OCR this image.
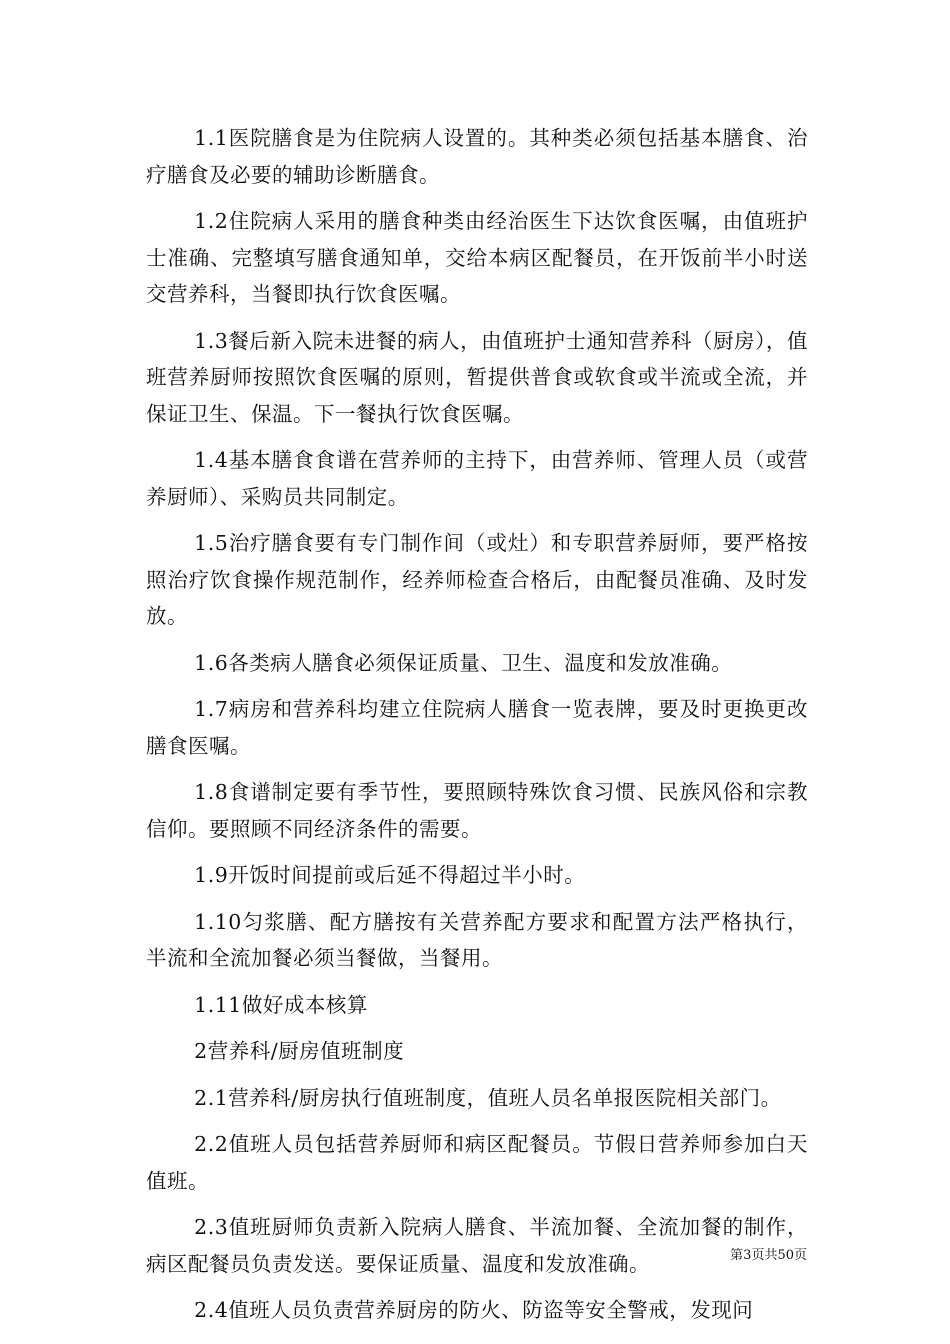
1.1医院膳食是为住院病人设置的。其种类必须包括基本膳食、治疗膳食及必要的辅助诊断膳食。

1.2住院病人采用的膳食种类由经治医生下达饮食医嘱，由值班护士准确、完整填写膳食通知单，交给本病区配餐员，在开饭前半小时送交营养科，当餐即执行饮食医嘱。

1.3餐后新入院未进餐的病人，由值班护士通知营养科（厨房），值班营养厨师按照饮食医嘱的原则，暂提供普食或软食或半流或全流，并保证卫生、保温。下一餐执行饮食医嘱。

1.4基本膳食食谱在营养师的主持下，由营养师、管理人员（或营养厨师）、采购员共同制定。

1.5治疗膳食要有专门制作间（或灶）和专职营养厨师，要严格按照治疗饮食操作规范制作，经养师检查合格后，由配餐员准确、及时发放。

1.6各类病人膳食必须保证质量、卫生、温度和发放准确。

1.7病房和营养科均建立住院病人膳食一览表牌，要及时更换更改膳食医嘱。

1.8食谱制定要有季节性，要照顾特殊饮食习惯、民族风俗和宗教信仰。要照顾不同经济条件的需要。

1.9开饭时间提前或后延不得超过半小时。

1.10匀浆膳、配方膳按有关营养配方要求和配置方法严格执行，半流和全流加餐必须当餐做，当餐用。

1.11做好成本核算

2营养科/厨房值班制度

2.1营养科/厨房执行值班制度，值班人员名单报医院相关部门。

2.2值班人员包括营养厨师和病区配餐员。节假日营养师参加白天值班。

2.3值班厨师负责新入院病人膳食、半流加餐、全流加餐的制作，病区配餐员负责发送。要保证质量、温度和发放准确。

2.4值班人员负责营养厨房的防火、防盗等安全警戒，发现问

第3页共50页
